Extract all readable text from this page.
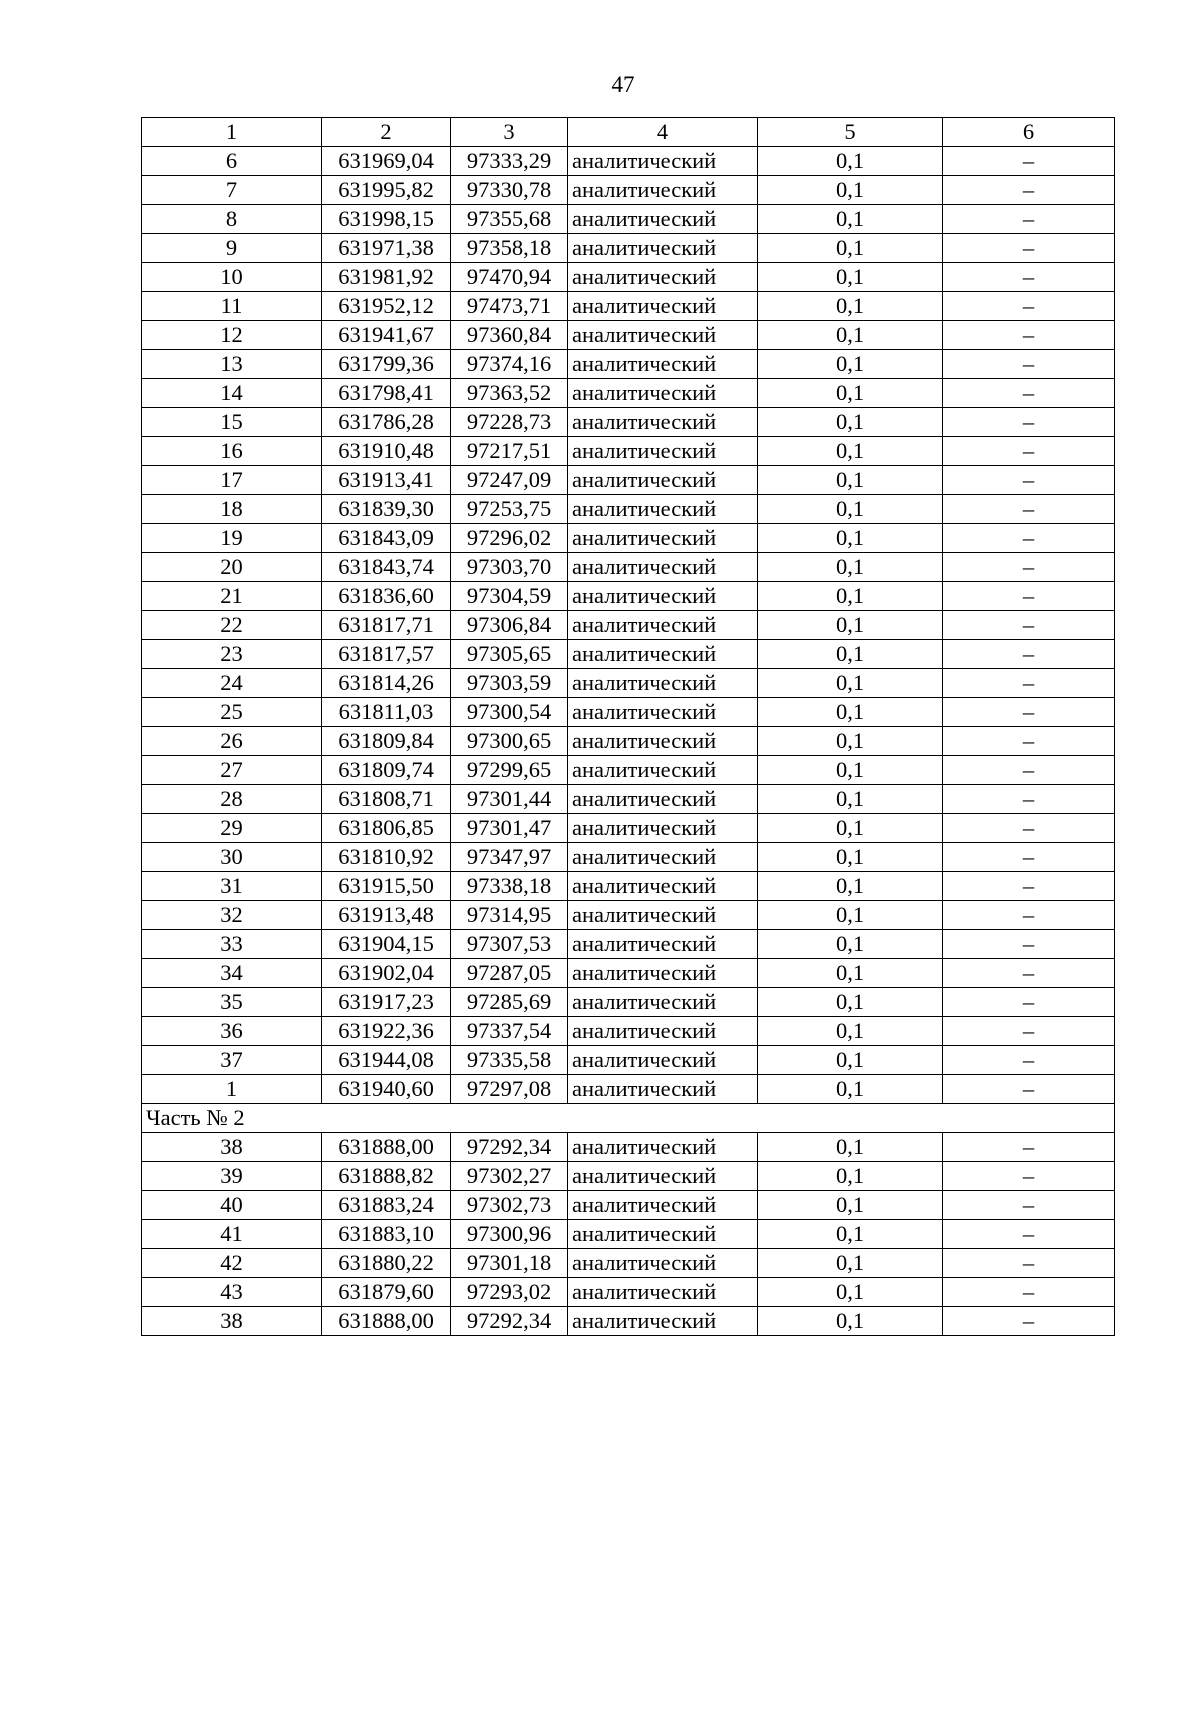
47
1	2	3	4	5	6
6	631969,04	97333,29	аналитический	0,1	–
7	631995,82	97330,78	аналитический	0,1	–
8	631998,15	97355,68	аналитический	0,1	–
9	631971,38	97358,18	аналитический	0,1	–
10	631981,92	97470,94	аналитический	0,1	–
11	631952,12	97473,71	аналитический	0,1	–
12	631941,67	97360,84	аналитический	0,1	–
13	631799,36	97374,16	аналитический	0,1	–
14	631798,41	97363,52	аналитический	0,1	–
15	631786,28	97228,73	аналитический	0,1	–
16	631910,48	97217,51	аналитический	0,1	–
17	631913,41	97247,09	аналитический	0,1	–
18	631839,30	97253,75	аналитический	0,1	–
19	631843,09	97296,02	аналитический	0,1	–
20	631843,74	97303,70	аналитический	0,1	–
21	631836,60	97304,59	аналитический	0,1	–
22	631817,71	97306,84	аналитический	0,1	–
23	631817,57	97305,65	аналитический	0,1	–
24	631814,26	97303,59	аналитический	0,1	–
25	631811,03	97300,54	аналитический	0,1	–
26	631809,84	97300,65	аналитический	0,1	–
27	631809,74	97299,65	аналитический	0,1	–
28	631808,71	97301,44	аналитический	0,1	–
29	631806,85	97301,47	аналитический	0,1	–
30	631810,92	97347,97	аналитический	0,1	–
31	631915,50	97338,18	аналитический	0,1	–
32	631913,48	97314,95	аналитический	0,1	–
33	631904,15	97307,53	аналитический	0,1	–
34	631902,04	97287,05	аналитический	0,1	–
35	631917,23	97285,69	аналитический	0,1	–
36	631922,36	97337,54	аналитический	0,1	–
37	631944,08	97335,58	аналитический	0,1	–
1	631940,60	97297,08	аналитический	0,1	–
Часть № 2					
38	631888,00	97292,34	аналитический	0,1	–
39	631888,82	97302,27	аналитический	0,1	–
40	631883,24	97302,73	аналитический	0,1	–
41	631883,10	97300,96	аналитический	0,1	–
42	631880,22	97301,18	аналитический	0,1	–
43	631879,60	97293,02	аналитический	0,1	–
38	631888,00	97292,34	аналитический	0,1	–
